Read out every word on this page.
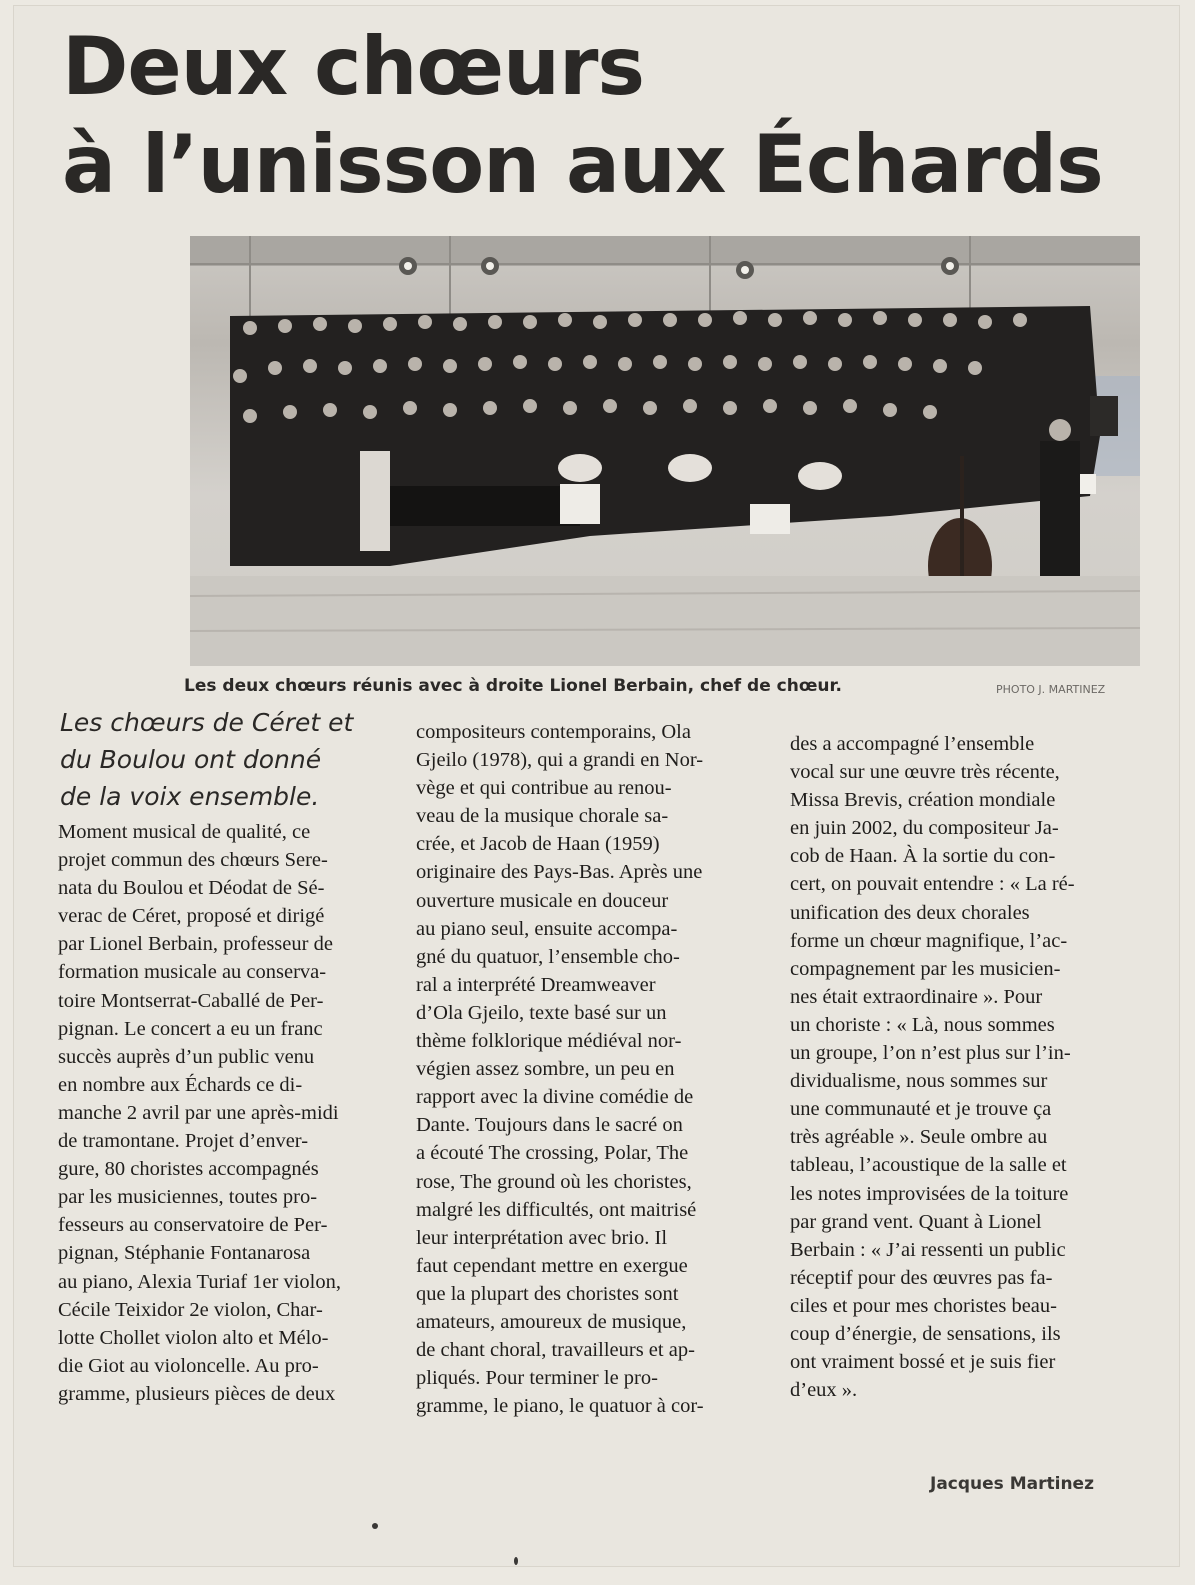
Deux chœurs
à l’unisson aux Échards
Les deux chœurs réunis avec à droite Lionel Berbain, chef de chœur.	PHOTO J. MARTINEZ
Les chœurs de Céret et
du Boulou ont donné
de la voix ensemble.
Moment musical de qualité, ce
projet commun des chœurs Sere-
nata du Boulou et Déodat de Sé-
verac de Céret, proposé et dirigé
par Lionel Berbain, professeur de
formation musicale au conserva-
toire Montserrat-Caballé de Per-
pignan. Le concert a eu un franc
succès auprès d’un public venu
en nombre aux Échards ce di-
manche 2 avril par une après-midi
de tramontane. Projet d’enver-
gure, 80 choristes accompagnés
par les musiciennes, toutes pro-
fesseurs au conservatoire de Per-
pignan, Stéphanie Fontanarosa
au piano, Alexia Turiaf 1er violon,
Cécile Teixidor 2e violon, Char-
lotte Chollet violon alto et Mélo-
die Giot au violoncelle. Au pro-
gramme, plusieurs pièces de deux
compositeurs contemporains, Ola
Gjeilo (1978), qui a grandi en Nor-
vège et qui contribue au renou-
veau de la musique chorale sa-
crée, et Jacob de Haan (1959)
originaire des Pays-Bas. Après une
ouverture musicale en douceur
au piano seul, ensuite accompa-
gné du quatuor, l’ensemble cho-
ral a interprété Dreamweaver
d’Ola Gjeilo, texte basé sur un
thème folklorique médiéval nor-
végien assez sombre, un peu en
rapport avec la divine comédie de
Dante. Toujours dans le sacré on
a écouté The crossing, Polar, The
rose, The ground où les choristes,
malgré les difficultés, ont maitrisé
leur interprétation avec brio. Il
faut cependant mettre en exergue
que la plupart des choristes sont
amateurs, amoureux de musique,
de chant choral, travailleurs et ap-
pliqués. Pour terminer le pro-
gramme, le piano, le quatuor à cor-
des a accompagné l’ensemble
vocal sur une œuvre très récente,
Missa Brevis, création mondiale
en juin 2002, du compositeur Ja-
cob de Haan. À la sortie du con-
cert, on pouvait entendre : « La ré-
unification des deux chorales
forme un chœur magnifique, l’ac-
compagnement par les musicien-
nes était extraordinaire ». Pour
un choriste : « Là, nous sommes
un groupe, l’on n’est plus sur l’in-
dividualisme, nous sommes sur
une communauté et je trouve ça
très agréable ». Seule ombre au
tableau, l’acoustique de la salle et
les notes improvisées de la toiture
par grand vent. Quant à Lionel
Berbain : « J’ai ressenti un public
réceptif pour des œuvres pas fa-
ciles et pour mes choristes beau-
coup d’énergie, de sensations, ils
ont vraiment bossé et je suis fier
d’eux ».
Jacques Martinez
